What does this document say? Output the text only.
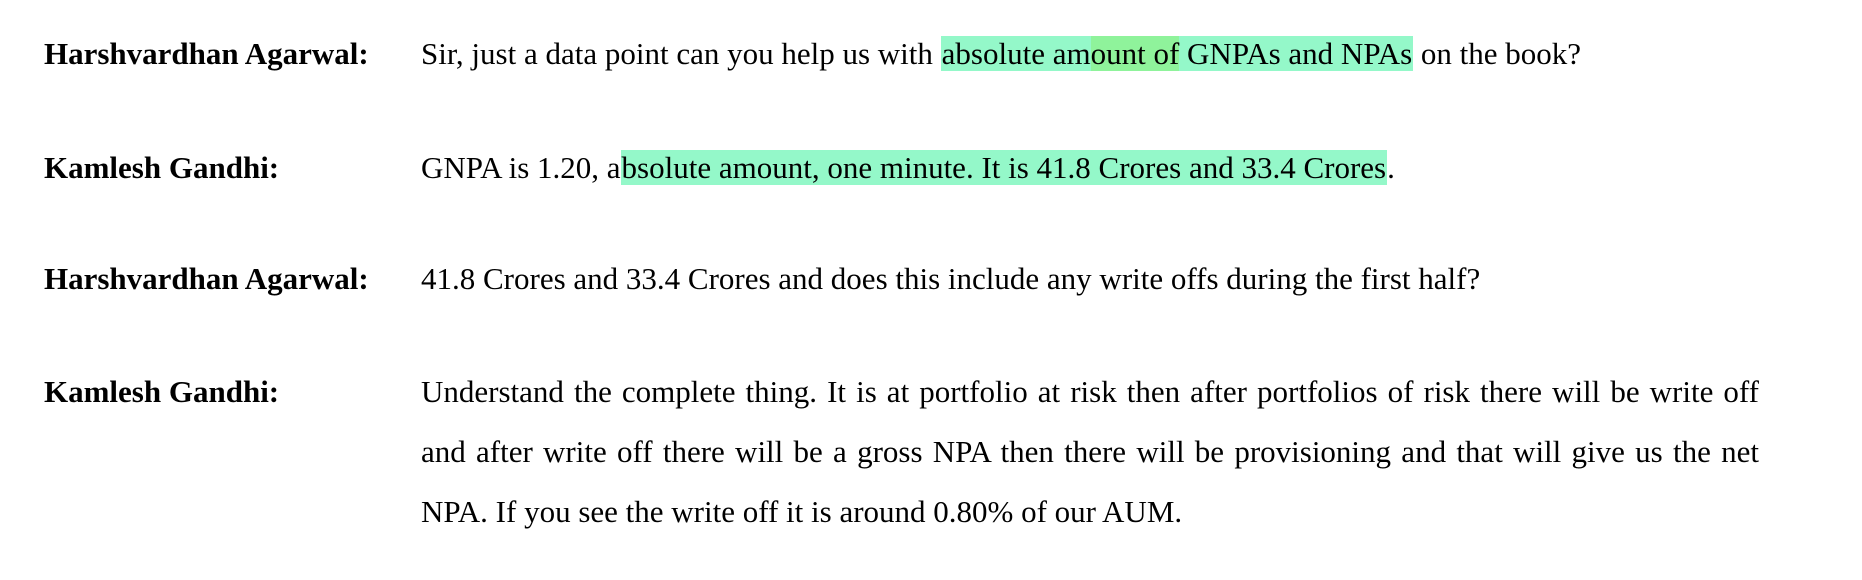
Harshvardhan Agarwal: Sir, just a data point can you help us with absolute amount of GNPAs and NPAs on the book?
Kamlesh Gandhi:	GNPA is 1.20, absolute amount, one minute. It is 41.8 Crores and 33.4 Crores.
Harshvardhan Agarwal: 41.8 Crores and 33.4 Crores and does this include any write offs during the first half?
Kamlesh Gandhi:	Understand the complete thing. It is at portfolio at risk then after portfolios of risk there will be write off and after write off there will be a gross NPA then there will be provisioning and that will give us the net NPA. If you see the write off it is around 0.80% of our AUM.
